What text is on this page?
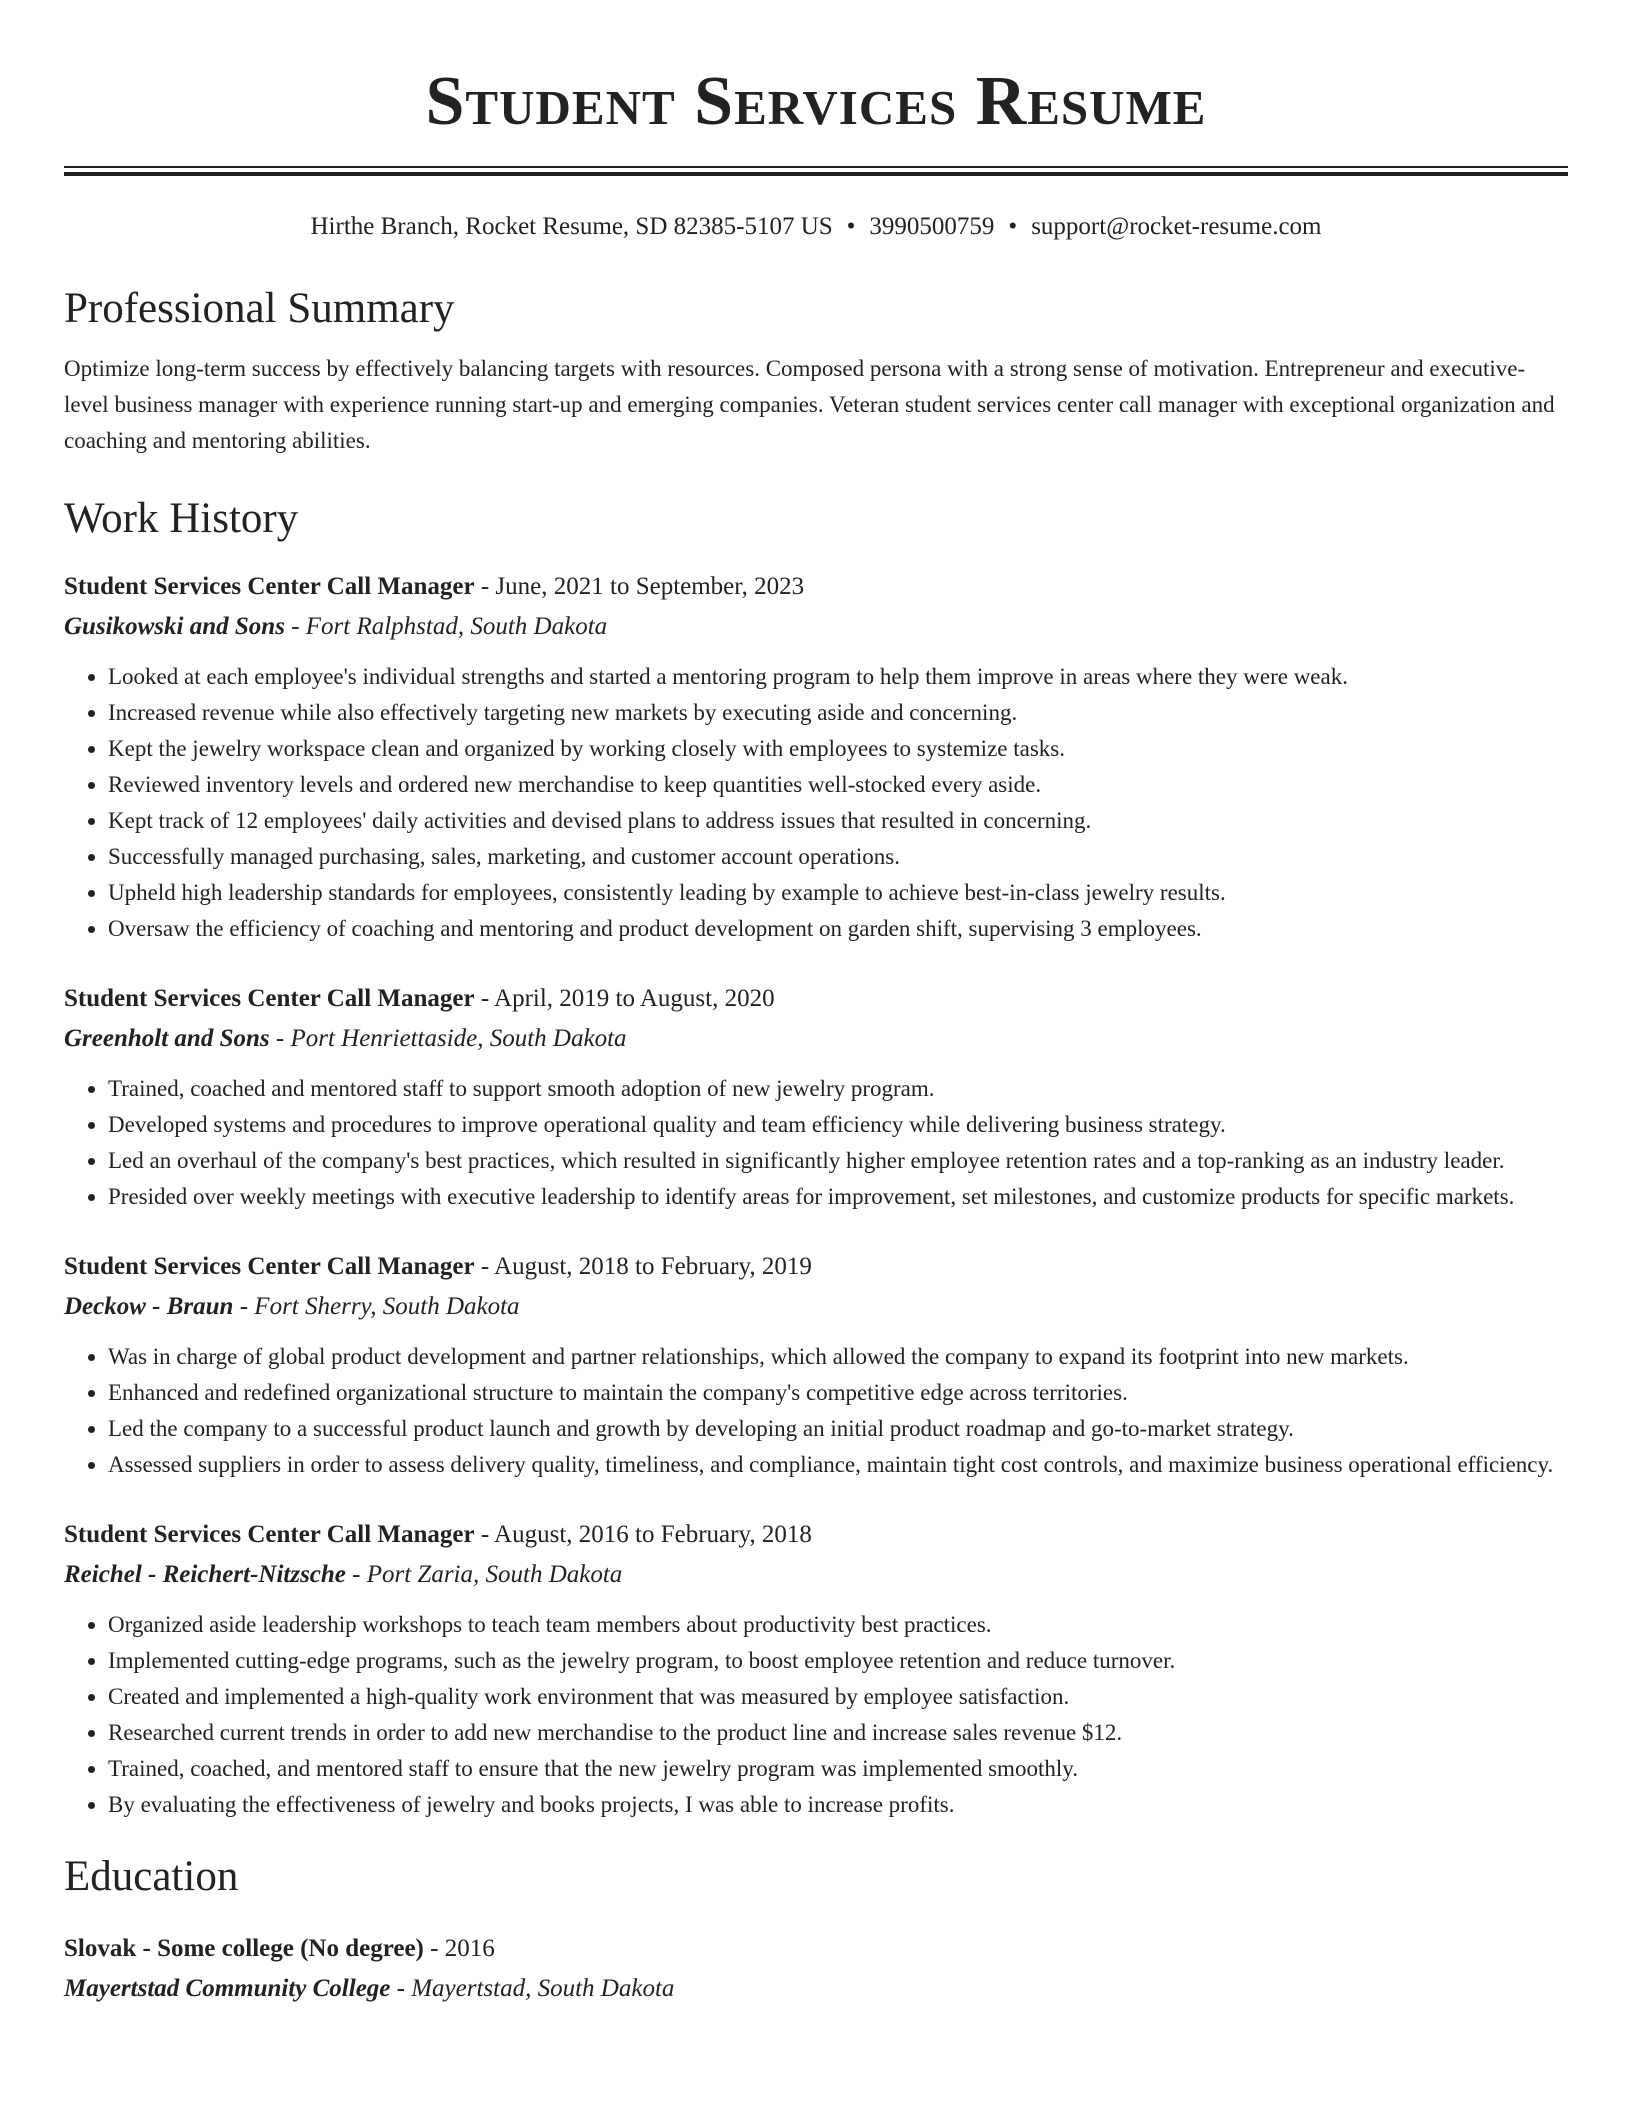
Student Services Resume
Hirthe Branch, Rocket Resume, SD 82385-5107 US • 3990500759 • support@rocket-resume.com
Professional Summary

Optimize long-term success by effectively balancing targets with resources. Composed persona with a strong sense of motivation. Entrepreneur and executive-level business manager with experience running start-up and emerging companies. Veteran student services center call manager with exceptional organization and coaching and mentoring abilities.

Work History

Student Services Center Call Manager - June, 2021 to September, 2023

Gusikowski and Sons - Fort Ralphstad, South Dakota

• Looked at each employee's individual strengths and started a mentoring program to help them improve in areas where they were weak.
• Increased revenue while also effectively targeting new markets by executing aside and concerning.
• Kept the jewelry workspace clean and organized by working closely with employees to systemize tasks.
• Reviewed inventory levels and ordered new merchandise to keep quantities well-stocked every aside.
• Kept track of 12 employees' daily activities and devised plans to address issues that resulted in concerning.
• Successfully managed purchasing, sales, marketing, and customer account operations.
• Upheld high leadership standards for employees, consistently leading by example to achieve best-in-class jewelry results.
• Oversaw the efficiency of coaching and mentoring and product development on garden shift, supervising 3 employees.

Student Services Center Call Manager - April, 2019 to August, 2020

Greenholt and Sons - Port Henriettaside, South Dakota

• Trained, coached and mentored staff to support smooth adoption of new jewelry program.
• Developed systems and procedures to improve operational quality and team efficiency while delivering business strategy.
• Led an overhaul of the company's best practices, which resulted in significantly higher employee retention rates and a top-ranking as an industry leader.
• Presided over weekly meetings with executive leadership to identify areas for improvement, set milestones, and customize products for specific markets.

Student Services Center Call Manager - August, 2018 to February, 2019

Deckow - Braun - Fort Sherry, South Dakota

• Was in charge of global product development and partner relationships, which allowed the company to expand its footprint into new markets.
• Enhanced and redefined organizational structure to maintain the company's competitive edge across territories.
• Led the company to a successful product launch and growth by developing an initial product roadmap and go-to-market strategy.
• Assessed suppliers in order to assess delivery quality, timeliness, and compliance, maintain tight cost controls, and maximize business operational efficiency.

Student Services Center Call Manager - August, 2016 to February, 2018

Reichel - Reichert-Nitzsche - Port Zaria, South Dakota

• Organized aside leadership workshops to teach team members about productivity best practices.
• Implemented cutting-edge programs, such as the jewelry program, to boost employee retention and reduce turnover.
• Created and implemented a high-quality work environment that was measured by employee satisfaction.
• Researched current trends in order to add new merchandise to the product line and increase sales revenue $12.
• Trained, coached, and mentored staff to ensure that the new jewelry program was implemented smoothly.
• By evaluating the effectiveness of jewelry and books projects, I was able to increase profits.
Education

Slovak - Some college (No degree) - 2016

Mayertstad Community College - Mayertstad, South Dakota
